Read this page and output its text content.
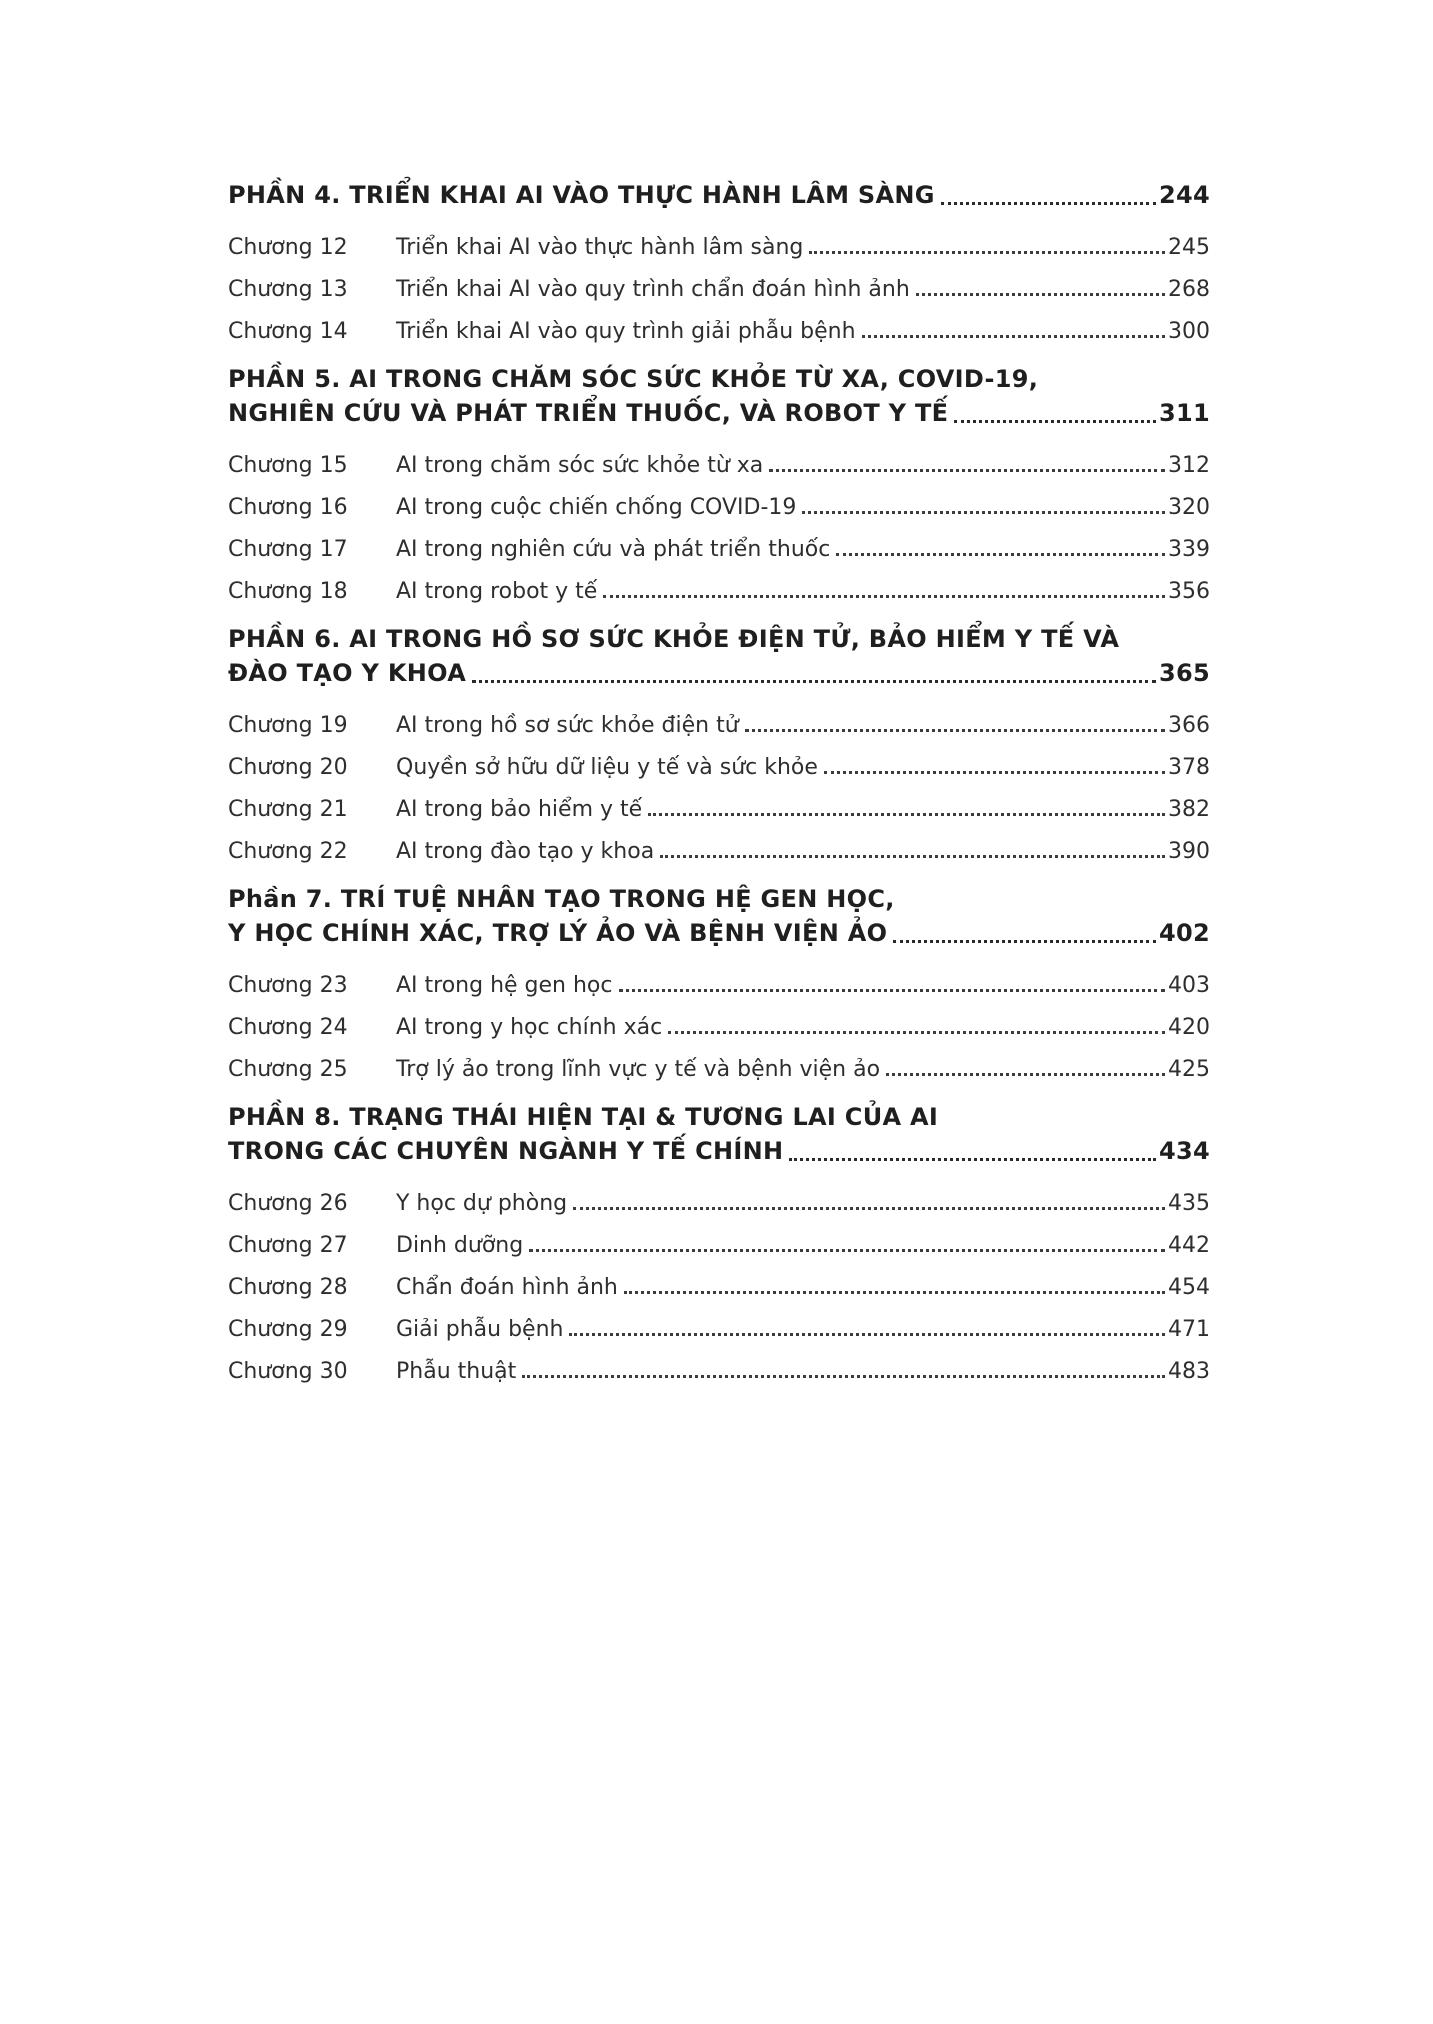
PHẦN 4. TRIỂN KHAI AI VÀO THỰC HÀNH LÂM SÀNG	244
Chương 12	Triển khai AI vào thực hành lâm sàng	245
Chương 13	Triển khai AI vào quy trình chẩn đoán hình ảnh	268
Chương 14	Triển khai AI vào quy trình giải phẫu bệnh	300
PHẦN 5. AI TRONG CHĂM SÓC SỨC KHỎE TỪ XA, COVID-19,
NGHIÊN CỨU VÀ PHÁT TRIỂN THUỐC, VÀ ROBOT Y TẾ	311
Chương 15	AI trong chăm sóc sức khỏe từ xa	312
Chương 16	AI trong cuộc chiến chống COVID-19	320
Chương 17	AI trong nghiên cứu và phát triển thuốc	339
Chương 18	AI trong robot y tế	356
PHẦN 6. AI TRONG HỒ SƠ SỨC KHỎE ĐIỆN TỬ, BẢO HIỂM Y TẾ VÀ
ĐÀO TẠO Y KHOA	365
Chương 19	AI trong hồ sơ sức khỏe điện tử	366
Chương 20	Quyền sở hữu dữ liệu y tế và sức khỏe	378
Chương 21	AI trong bảo hiểm y tế	382
Chương 22	AI trong đào tạo y khoa	390
Phần 7. TRÍ TUỆ NHÂN TẠO TRONG HỆ GEN HỌC,
Y HỌC CHÍNH XÁC, TRỢ LÝ ẢO VÀ BỆNH VIỆN ẢO	402
Chương 23	AI trong hệ gen học	403
Chương 24	AI trong y học chính xác	420
Chương 25	Trợ lý ảo trong lĩnh vực y tế và bệnh viện ảo	425
PHẦN 8. TRẠNG THÁI HIỆN TẠI & TƯƠNG LAI CỦA AI
TRONG CÁC CHUYÊN NGÀNH Y TẾ CHÍNH	434
Chương 26	Y học dự phòng	435
Chương 27	Dinh dưỡng	442
Chương 28	Chẩn đoán hình ảnh	454
Chương 29	Giải phẫu bệnh	471
Chương 30	Phẫu thuật	483
